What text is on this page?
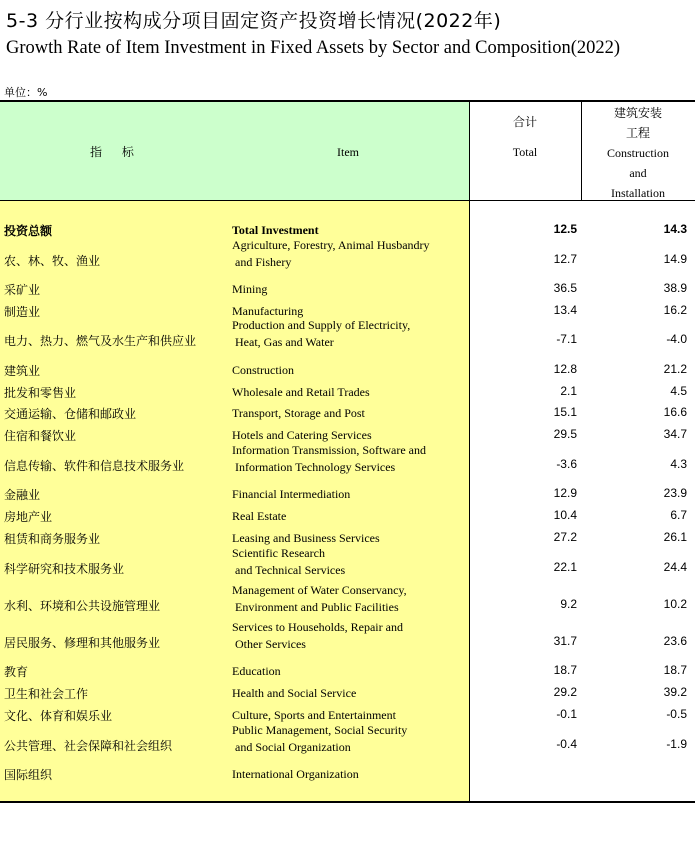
5-3 分行业按构成分项目固定资产投资增长情况(2022年)
Growth Rate of Item Investment in Fixed Assets by Sector and Composition(2022)
单位：%
指 标	Item
合计
Total
建筑安装
工程
Construction
and
Installation
投资总额	Total Investment	12.5	14.3
农、林、牧、渔业
Agriculture, Forestry, Animal Husbandry
and Fishery	12.7	14.9
采矿业	Mining	36.5	38.9
制造业	Manufacturing	13.4	16.2
电力、热力、燃气及水生产和供应业
Production and Supply of Electricity,
Heat, Gas and Water	-7.1	-4.0
建筑业	Construction	12.8	21.2
批发和零售业	Wholesale and Retail Trades	2.1	4.5
交通运输、仓储和邮政业	Transport, Storage and Post	15.1	16.6
住宿和餐饮业	Hotels and Catering Services	29.5	34.7
信息传输、软件和信息技术服务业
Information Transmission, Software and
Information Technology Services	-3.6	4.3
金融业	Financial Intermediation	12.9	23.9
房地产业	Real Estate	10.4	6.7
租赁和商务服务业	Leasing and Business Services	27.2	26.1
科学研究和技术服务业
Scientific Research
and Technical Services	22.1	24.4
水利、环境和公共设施管理业
Management of Water Conservancy,
Environment and Public Facilities	9.2	10.2
居民服务、修理和其他服务业
Services to Households, Repair and
Other Services	31.7	23.6
教育	Education	18.7	18.7
卫生和社会工作	Health and Social Service	29.2	39.2
文化、体育和娱乐业	Culture, Sports and Entertainment	-0.1	-0.5
公共管理、社会保障和社会组织
Public Management, Social Security
and Social Organization	-0.4	-1.9
国际组织	International Organization
